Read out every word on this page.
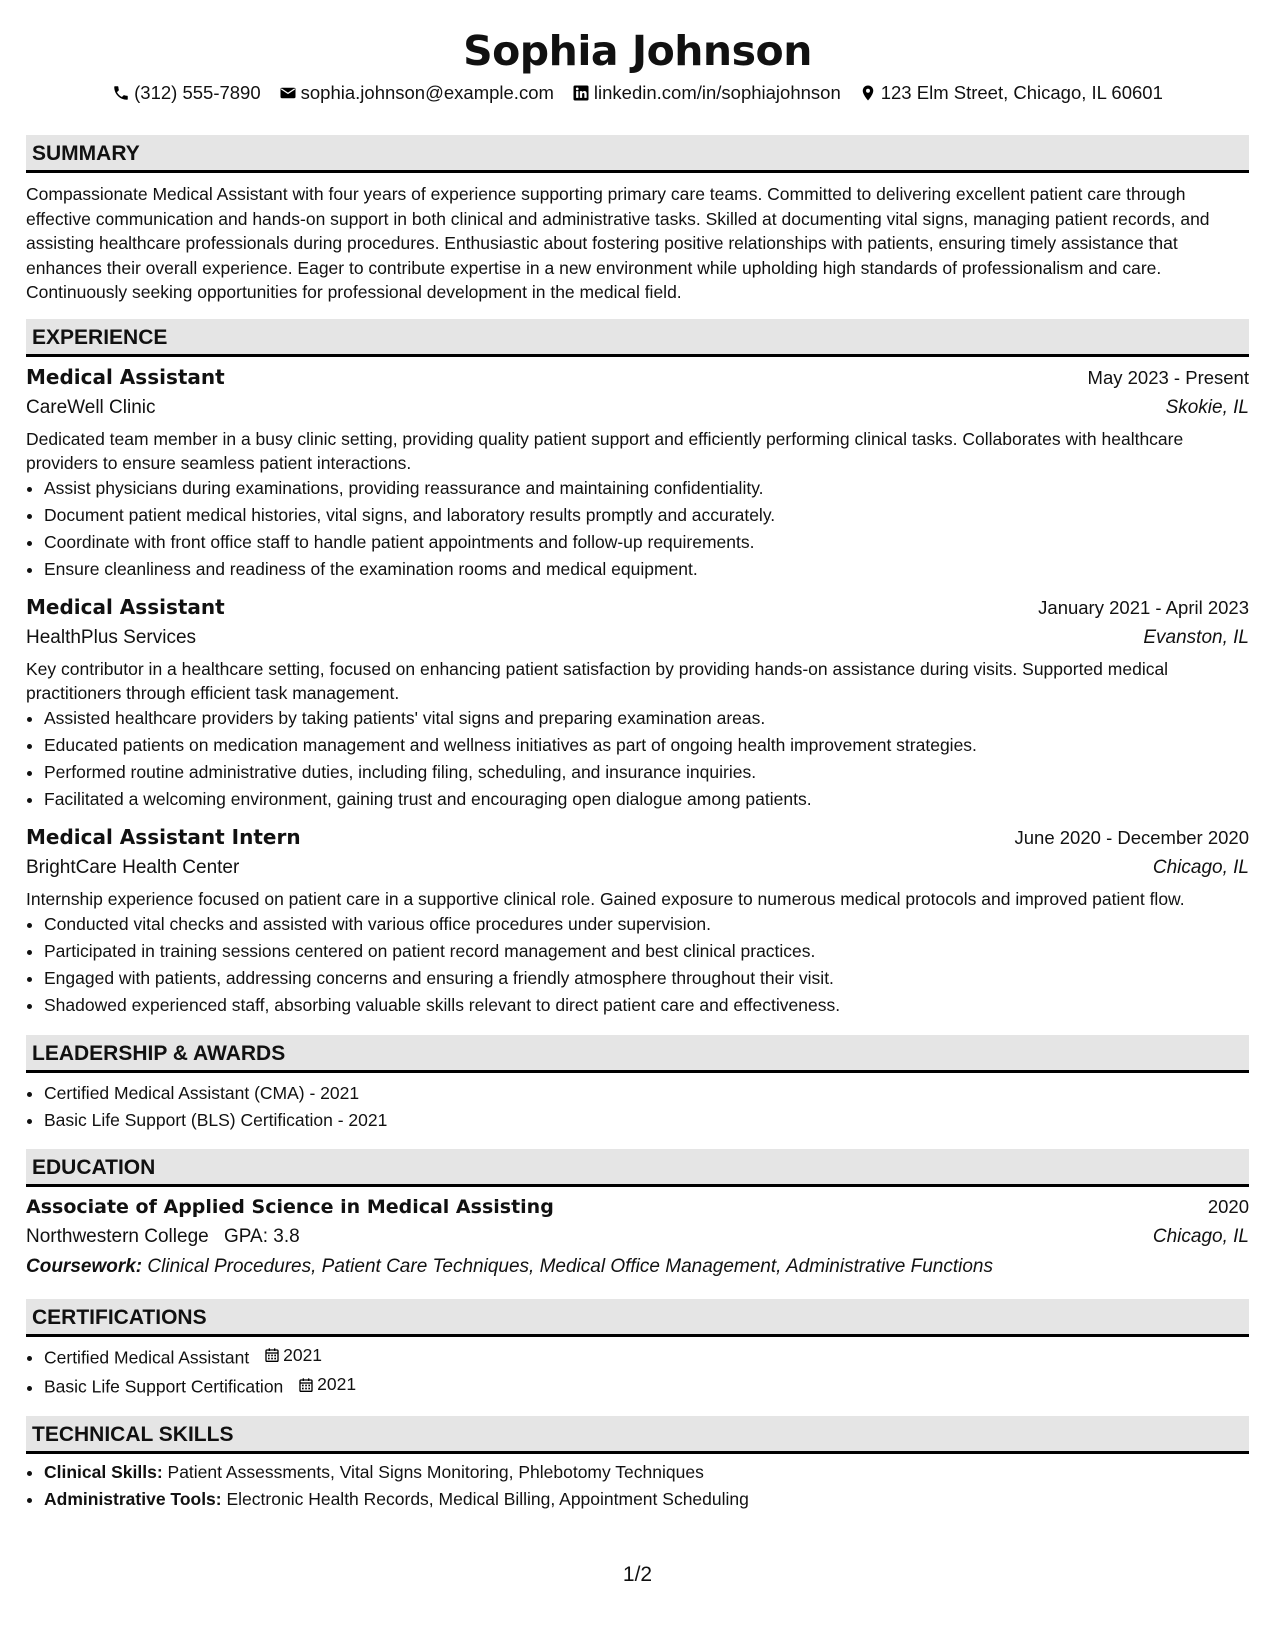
Sophia Johnson
(312) 555-7890 sophia.johnson@example.com linkedin.com/in/sophiajohnson 123 Elm Street, Chicago, IL 60601
SUMMARY
Compassionate Medical Assistant with four years of experience supporting primary care teams. Committed to delivering excellent patient care through effective communication and hands-on support in both clinical and administrative tasks. Skilled at documenting vital signs, managing patient records, and assisting healthcare professionals during procedures. Enthusiastic about fostering positive relationships with patients, ensuring timely assistance that enhances their overall experience. Eager to contribute expertise in a new environment while upholding high standards of professionalism and care. Continuously seeking opportunities for professional development in the medical field.
EXPERIENCE
Medical Assistant	May 2023 - Present
CareWell Clinic	Skokie, IL
Dedicated team member in a busy clinic setting, providing quality patient support and efficiently performing clinical tasks. Collaborates with healthcare providers to ensure seamless patient interactions.
• Assist physicians during examinations, providing reassurance and maintaining confidentiality.
• Document patient medical histories, vital signs, and laboratory results promptly and accurately.
• Coordinate with front office staff to handle patient appointments and follow-up requirements.
• Ensure cleanliness and readiness of the examination rooms and medical equipment.
Medical Assistant	January 2021 - April 2023
HealthPlus Services	Evanston, IL
Key contributor in a healthcare setting, focused on enhancing patient satisfaction by providing hands-on assistance during visits. Supported medical practitioners through efficient task management.
• Assisted healthcare providers by taking patients' vital signs and preparing examination areas.
• Educated patients on medication management and wellness initiatives as part of ongoing health improvement strategies.
• Performed routine administrative duties, including filing, scheduling, and insurance inquiries.
• Facilitated a welcoming environment, gaining trust and encouraging open dialogue among patients.
Medical Assistant Intern	June 2020 - December 2020
BrightCare Health Center	Chicago, IL
Internship experience focused on patient care in a supportive clinical role. Gained exposure to numerous medical protocols and improved patient flow.
• Conducted vital checks and assisted with various office procedures under supervision.
• Participated in training sessions centered on patient record management and best clinical practices.
• Engaged with patients, addressing concerns and ensuring a friendly atmosphere throughout their visit.
• Shadowed experienced staff, absorbing valuable skills relevant to direct patient care and effectiveness.
LEADERSHIP & AWARDS
• Certified Medical Assistant (CMA) - 2021
• Basic Life Support (BLS) Certification - 2021
EDUCATION
Associate of Applied Science in Medical Assisting	2020
Northwestern College GPA: 3.8	Chicago, IL
Coursework: Clinical Procedures, Patient Care Techniques, Medical Office Management, Administrative Functions
CERTIFICATIONS
• Certified Medical Assistant 2021
• Basic Life Support Certification 2021
TECHNICAL SKILLS
• Clinical Skills: Patient Assessments, Vital Signs Monitoring, Phlebotomy Techniques
• Administrative Tools: Electronic Health Records, Medical Billing, Appointment Scheduling
1/2
